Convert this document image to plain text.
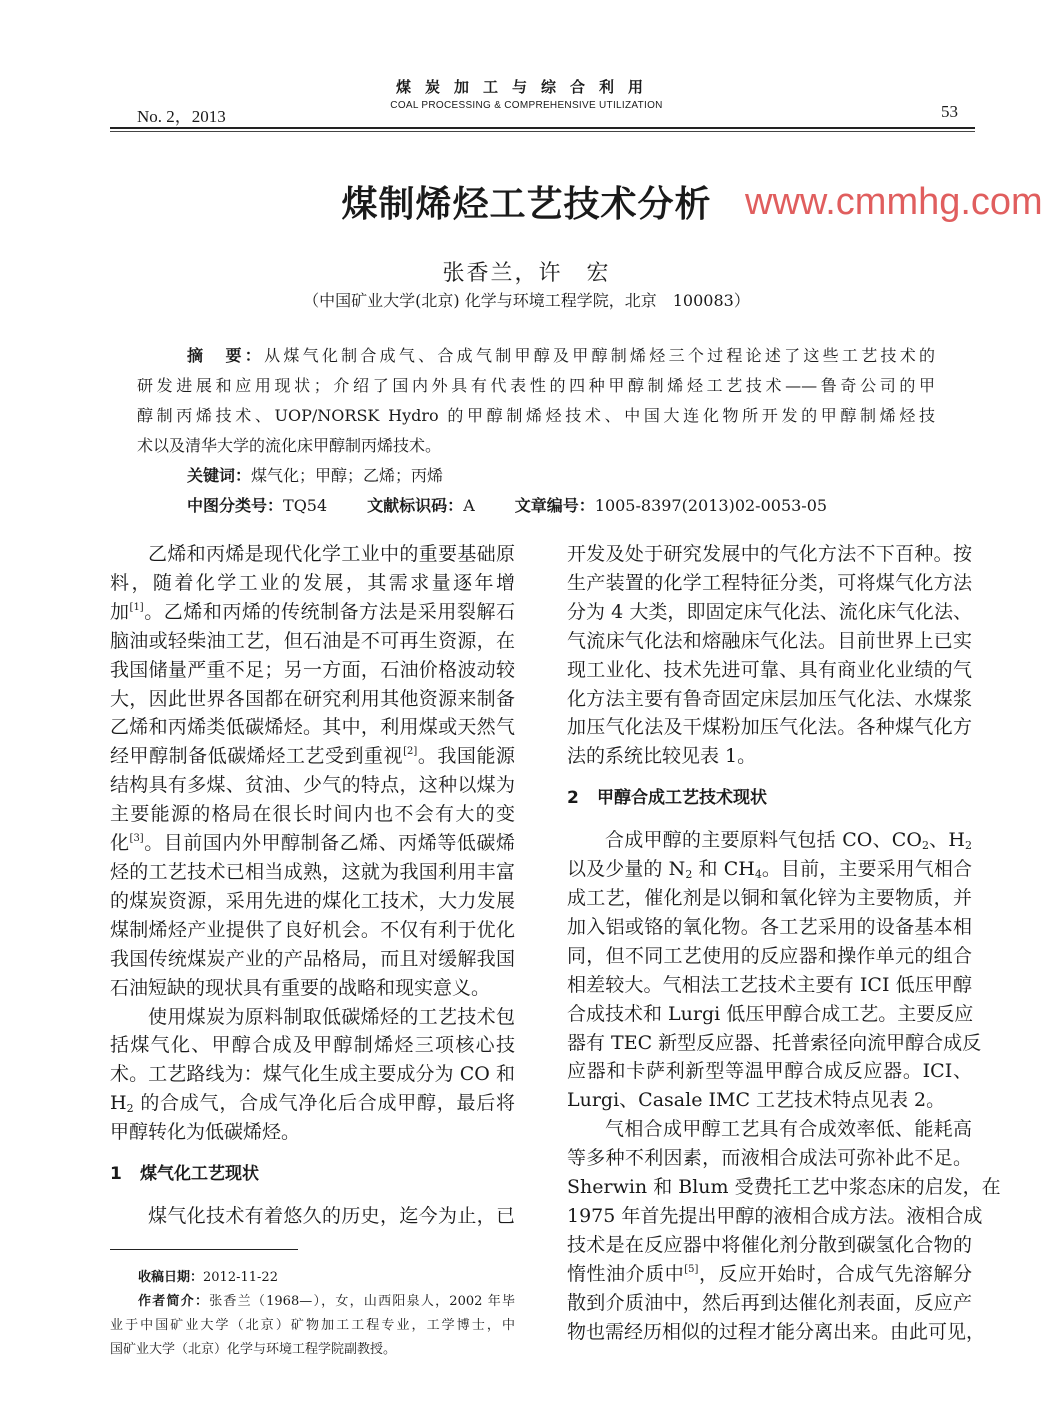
煤炭加工与综合利用
COAL PROCESSING & COMPREHENSIVE UTILIZATION
No. 2，2013	53
煤制烯烃工艺技术分析
张香兰，许　宏
（中国矿业大学(北京) 化学与环境工程学院，北京　100083）
摘　要：从煤气化制合成气、合成气制甲醇及甲醇制烯烃三个过程论述了这些工艺技术的
研发进展和应用现状；介绍了国内外具有代表性的四种甲醇制烯烃工艺技术——鲁奇公司的甲
醇制丙烯技术、UOP/NORSK Hydro 的甲醇制烯烃技术、中国大连化物所开发的甲醇制烯烃技
术以及清华大学的流化床甲醇制丙烯技术。
关键词：煤气化；甲醇；乙烯；丙烯
中图分类号：TQ54	文献标识码：A	文章编号：1005-8397(2013)02-0053-05
乙烯和丙烯是现代化学工业中的重要基础原
料，随着化学工业的发展，其需求量逐年增
加[1]。乙烯和丙烯的传统制备方法是采用裂解石
脑油或轻柴油工艺，但石油是不可再生资源，在
我国储量严重不足；另一方面，石油价格波动较
大，因此世界各国都在研究利用其他资源来制备
乙烯和丙烯类低碳烯烃。其中，利用煤或天然气
经甲醇制备低碳烯烃工艺受到重视[2]。我国能源
结构具有多煤、贫油、少气的特点，这种以煤为
主要能源的格局在很长时间内也不会有大的变
化[3]。目前国内外甲醇制备乙烯、丙烯等低碳烯
烃的工艺技术已相当成熟，这就为我国利用丰富
的煤炭资源，采用先进的煤化工技术，大力发展
煤制烯烃产业提供了良好机会。不仅有利于优化
我国传统煤炭产业的产品格局，而且对缓解我国
石油短缺的现状具有重要的战略和现实意义。
使用煤炭为原料制取低碳烯烃的工艺技术包
括煤气化、甲醇合成及甲醇制烯烃三项核心技
术。工艺路线为：煤气化生成主要成分为 CO 和
$H_2$ 的合成气，合成气净化后合成甲醇，最后将
甲醇转化为低碳烯烃。
1 煤气化工艺现状
煤气化技术有着悠久的历史，迄今为止，已
开发及处于研究发展中的气化方法不下百种。按
生产装置的化学工程特征分类，可将煤气化方法
分为 4 大类，即固定床气化法、流化床气化法、
气流床气化法和熔融床气化法。目前世界上已实
现工业化、技术先进可靠、具有商业化业绩的气
化方法主要有鲁奇固定床层加压气化法、水煤浆
加压气化法及干煤粉加压气化法。各种煤气化方
法的系统比较见表 1。
2 甲醇合成工艺技术现状
合成甲醇的主要原料气包括 CO、$CO_2$、$H_2$
以及少量的 $N_2$ 和 $CH_4$。目前，主要采用气相合
成工艺，催化剂是以铜和氧化锌为主要物质，并
加入铝或铬的氧化物。各工艺采用的设备基本相
同，但不同工艺使用的反应器和操作单元的组合
相差较大。气相法工艺技术主要有 ICI 低压甲醇
合成技术和 Lurgi 低压甲醇合成工艺。主要反应
器有 TEC 新型反应器、托普索径向流甲醇合成反
应器和卡萨利新型等温甲醇合成反应器。ICI、
Lurgi、Casale IMC 工艺技术特点见表 2。
气相合成甲醇工艺具有合成效率低、能耗高
等多种不利因素，而液相合成法可弥补此不足。
Sherwin 和 Blum 受费托工艺中浆态床的启发，在
1975 年首先提出甲醇的液相合成方法。液相合成
技术是在反应器中将催化剂分散到碳氢化合物的
惰性油介质中[5]，反应开始时，合成气先溶解分
散到介质油中，然后再到达催化剂表面，反应产
物也需经历相似的过程才能分离出来。由此可见，
www.cmmhg.com
收稿日期：2012-11-22
作者简介：张香兰（1968—），女，山西阳泉人，2002 年毕
业于中国矿业大学（北京）矿物加工工程专业，工学博士，中
国矿业大学（北京）化学与环境工程学院副教授。
